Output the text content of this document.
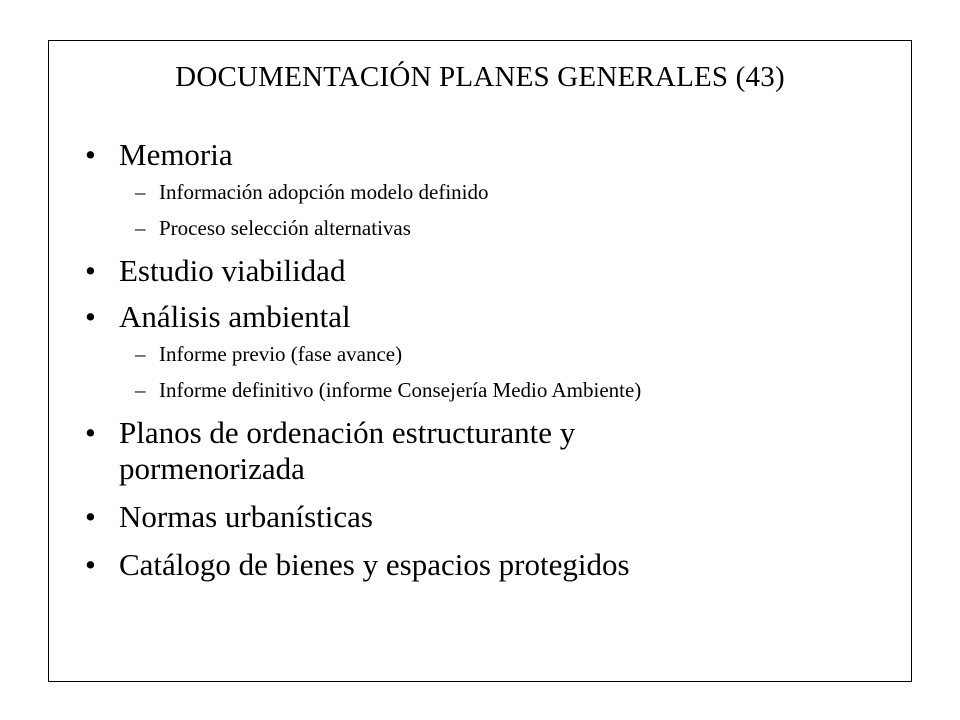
DOCUMENTACIÓN PLANES GENERALES (43)
• Memoria
– Información adopción modelo definido
– Proceso selección alternativas
• Estudio viabilidad
• Análisis ambiental
– Informe previo (fase avance)
– Informe definitivo (informe Consejería Medio Ambiente)
• Planos de ordenación estructurante y pormenorizada
• Normas urbanísticas
• Catálogo de bienes y espacios protegidos
